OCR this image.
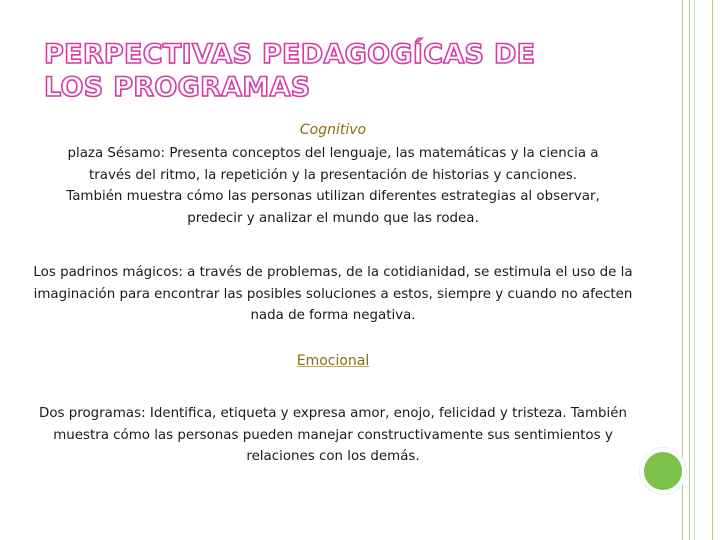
PERPECTIVAS PEDAGOGÍCAS DE LOS PROGRAMAS

Cognitivo

plaza Sésamo: Presenta conceptos del lenguaje, las matemáticas y la ciencia a través del ritmo, la repetición y la presentación de historias y canciones. También muestra cómo las personas utilizan diferentes estrategias al observar, predecir y analizar el mundo que las rodea.

Los padrinos mágicos: a través de problemas, de la cotidianidad, se estimula el uso de la imaginación para encontrar las posibles soluciones a estos, siempre y cuando no afecten nada de forma negativa.

Emocional

Dos programas: Identifica, etiqueta y expresa amor, enojo, felicidad y tristeza. También muestra cómo las personas pueden manejar constructivamente sus sentimientos y relaciones con los demás.
